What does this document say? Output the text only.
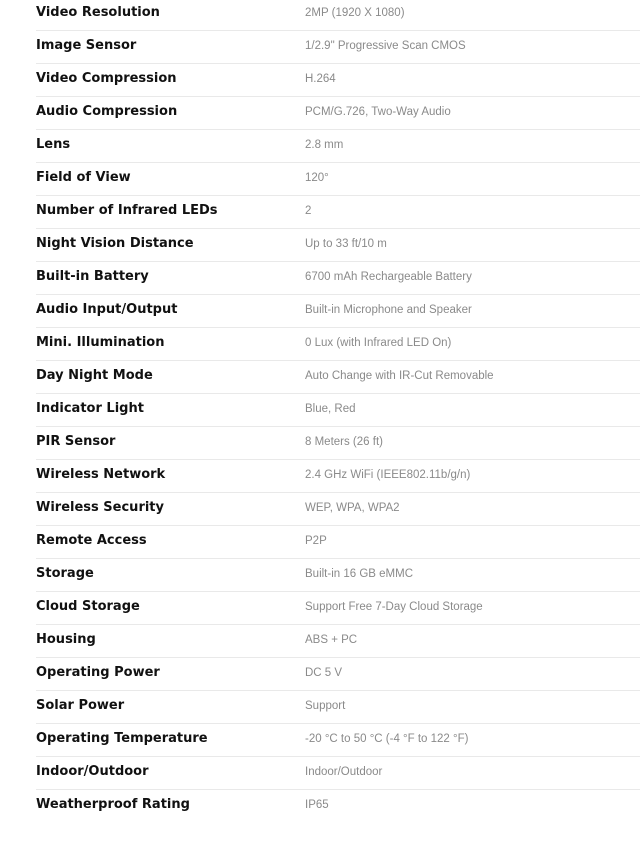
Video Resolution	2MP (1920 X 1080)
Image Sensor	1/2.9" Progressive Scan CMOS
Video Compression	H.264
Audio Compression	PCM/G.726, Two-Way Audio
Lens	2.8 mm
Field of View	120°
Number of Infrared LEDs	2
Night Vision Distance	Up to 33 ft/10 m
Built-in Battery	6700 mAh Rechargeable Battery
Audio Input/Output	Built-in Microphone and Speaker
Mini. Illumination	0 Lux (with Infrared LED On)
Day Night Mode	Auto Change with IR-Cut Removable
Indicator Light	Blue, Red
PIR Sensor	8 Meters (26 ft)
Wireless Network	2.4 GHz WiFi (IEEE802.11b/g/n)
Wireless Security	WEP, WPA, WPA2
Remote Access	P2P
Storage	Built-in 16 GB eMMC
Cloud Storage	Support Free 7-Day Cloud Storage
Housing	ABS + PC
Operating Power	DC 5 V
Solar Power	Support
Operating Temperature	-20 °C to 50 °C (-4 °F to 122 °F)
Indoor/Outdoor	Indoor/Outdoor
Weatherproof Rating	IP65
